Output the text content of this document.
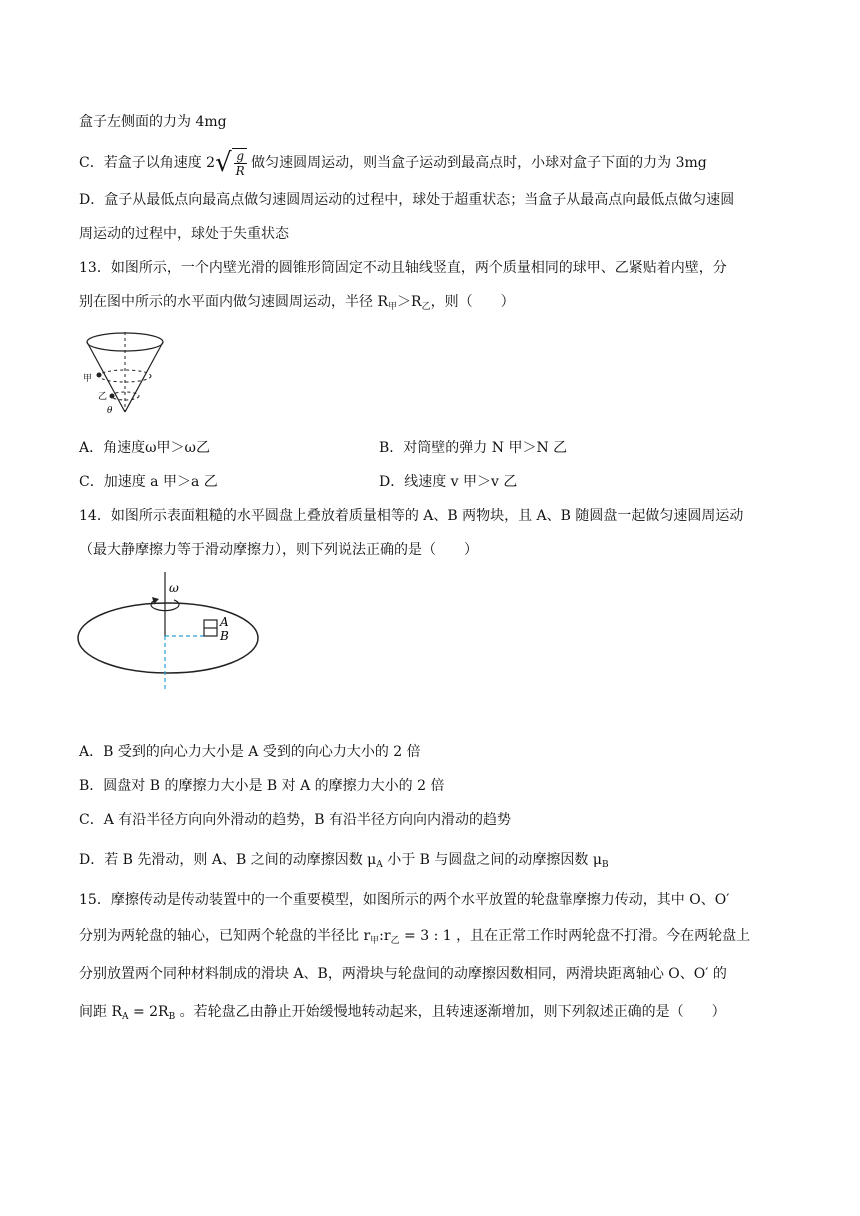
盒子左侧面的力为 4mg
C．若盒子以角速度 $2√ \frac{g}{R}$ 做匀速圆周运动，则当盒子运动到最高点时，小球对盒子下面的力为 3mg
D．盒子从最低点向最高点做匀速圆周运动的过程中，球处于超重状态；当盒子从最高点向最低点做匀速圆
周运动的过程中，球处于失重状态
13．如图所示，一个内壁光滑的圆锥形筒固定不动且轴线竖直，两个质量相同的球甲、乙紧贴着内壁，分
别在图中所示的水平面内做匀速圆周运动，半径 $R_甲>R_乙$，则（　　）
甲
乙
θ
A．角速度ω甲＞ω乙	B．对筒壁的弹力 N 甲＞N 乙
C．加速度 a 甲＞a 乙	D．线速度 v 甲＞v 乙
14．如图所示表面粗糙的水平圆盘上叠放着质量相等的 A、B 两物块，且 A、B 随圆盘一起做匀速圆周运动
（最大静摩擦力等于滑动摩擦力），则下列说法正确的是（　　）
ω
A
B
A．B 受到的向心力大小是 A 受到的向心力大小的 2 倍
B．圆盘对 B 的摩擦力大小是 B 对 A 的摩擦力大小的 2 倍
C．A 有沿半径方向向外滑动的趋势，B 有沿半径方向向内滑动的趋势
D．若 B 先滑动，则 A、B 之间的动摩擦因数 $\mu_A$ 小于 B 与圆盘之间的动摩擦因数 $\mu_B$
15．摩擦传动是传动装置中的一个重要模型，如图所示的两个水平放置的轮盘靠摩擦力传动，其中 O、O′
分别为两轮盘的轴心，已知两个轮盘的半径比 $r_甲:r_乙 = 3$ : 1 ，且在正常工作时两轮盘不打滑。今在两轮盘上
分别放置两个同种材料制成的滑块 A、B，两滑块与轮盘间的动摩擦因数相同，两滑块距离轴心 O、O′ 的
间距 $R_A = 2R_B$ 。若轮盘乙由静止开始缓慢地转动起来，且转速逐渐增加，则下列叙述正确的是（　　）
